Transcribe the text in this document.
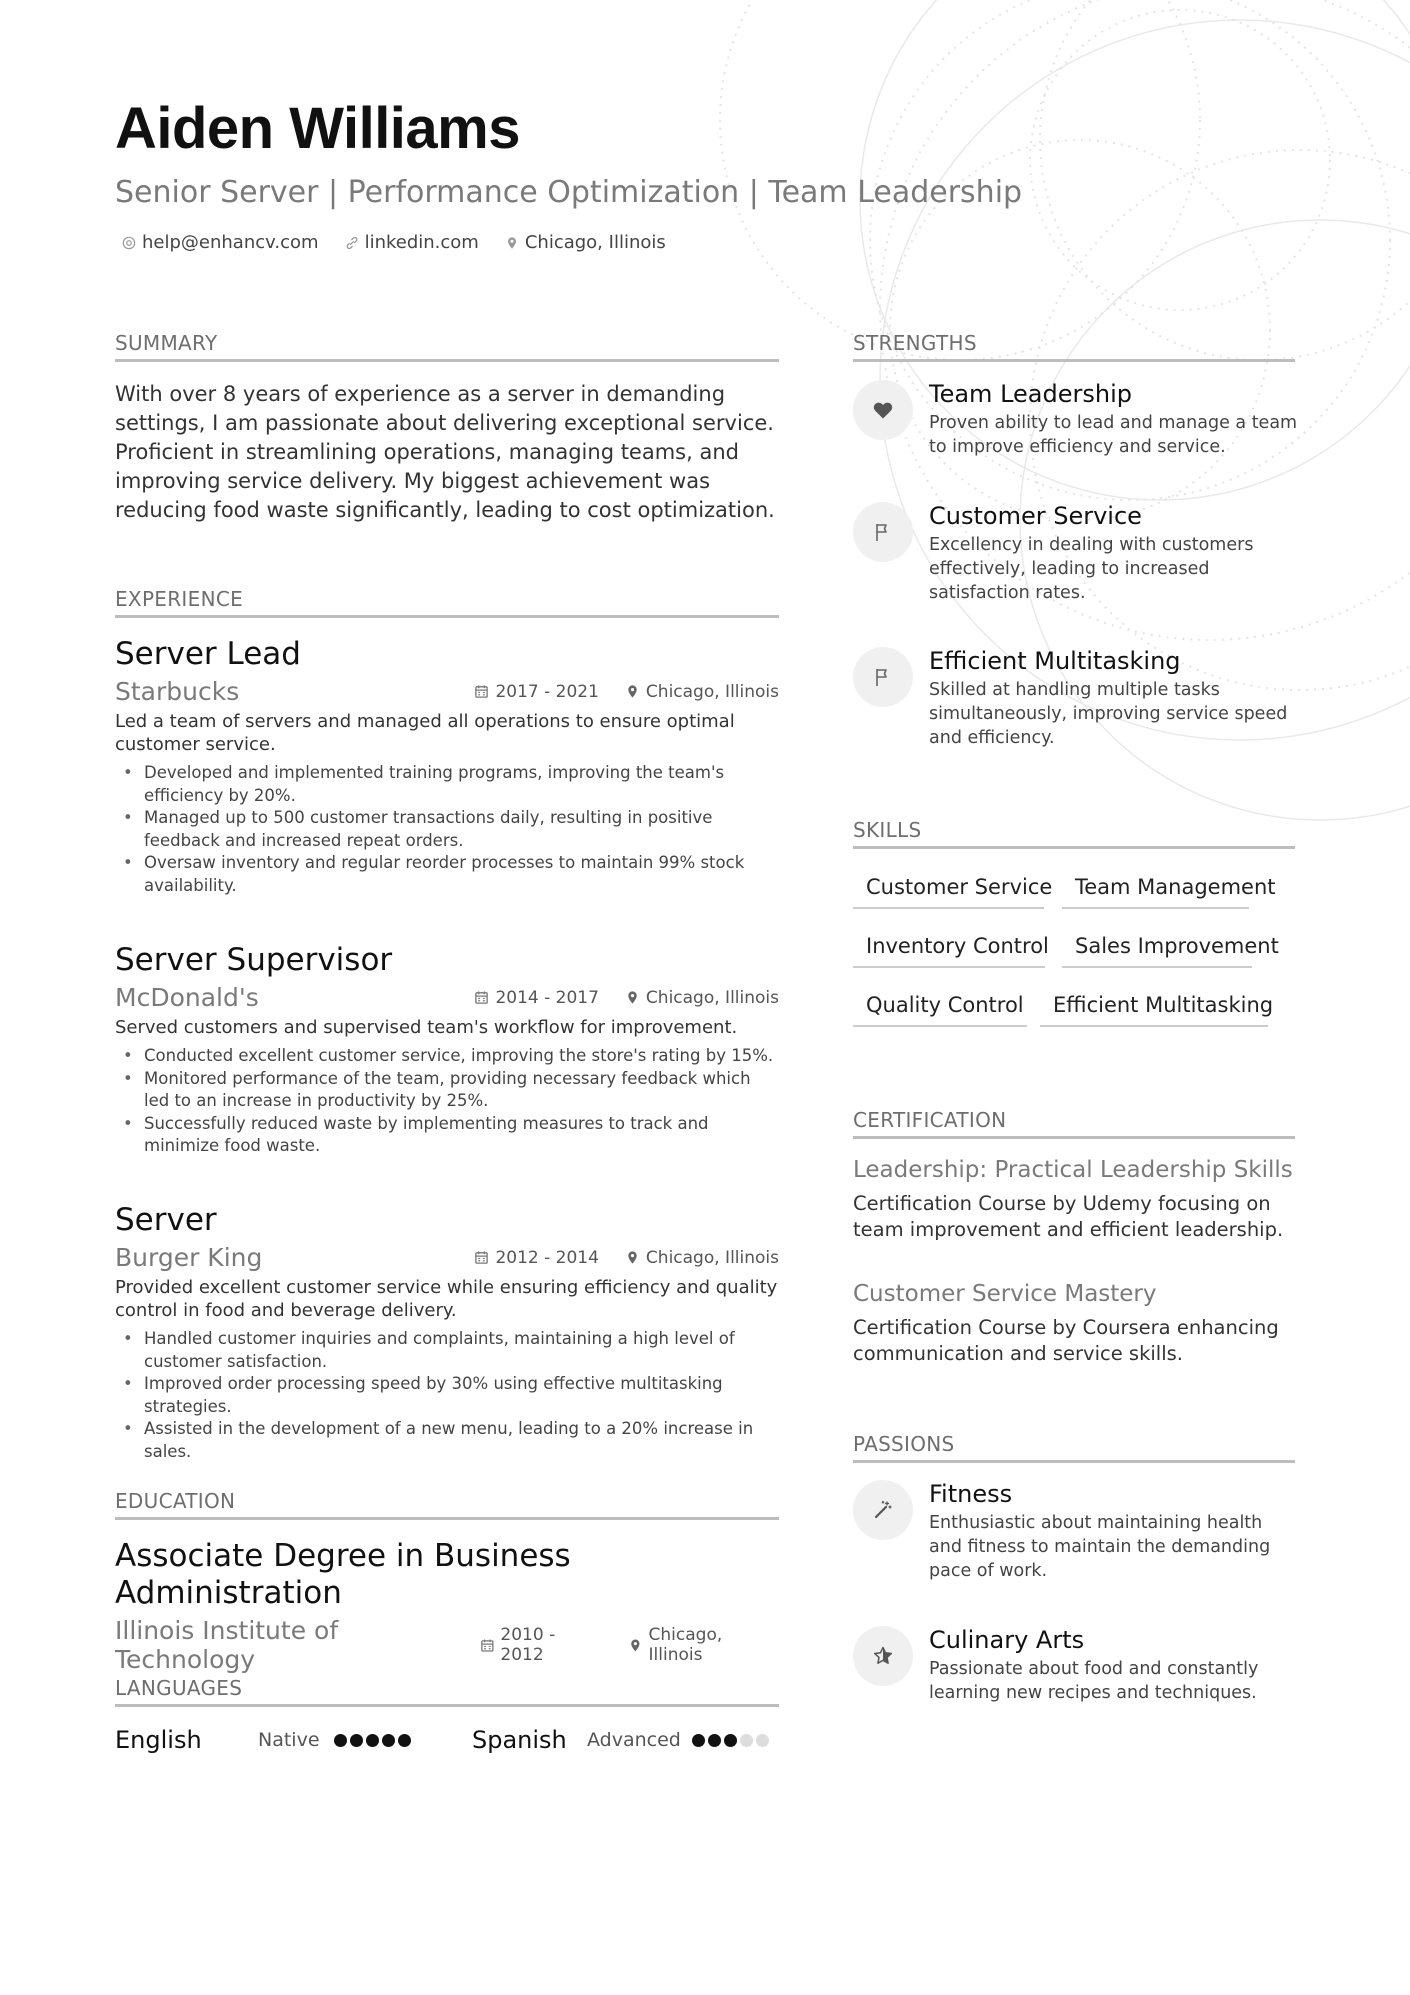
Aiden Williams
Senior Server | Performance Optimization | Team Leadership
help@enhancv.com	linkedin.com	Chicago, Illinois
SUMMARY
With over 8 years of experience as a server in demanding settings, I am passionate about delivering exceptional service. Proficient in streamlining operations, managing teams, and improving service delivery. My biggest achievement was reducing food waste significantly, leading to cost optimization.
EXPERIENCE
Server Lead
Starbucks	2017 - 2021	Chicago, Illinois
Led a team of servers and managed all operations to ensure optimal customer service.
• Developed and implemented training programs, improving the team's efficiency by 20%.
• Managed up to 500 customer transactions daily, resulting in positive feedback and increased repeat orders.
• Oversaw inventory and regular reorder processes to maintain 99% stock availability.
Server Supervisor
McDonald's	2014 - 2017	Chicago, Illinois
Served customers and supervised team's workflow for improvement.
• Conducted excellent customer service, improving the store's rating by 15%.
• Monitored performance of the team, providing necessary feedback which led to an increase in productivity by 25%.
• Successfully reduced waste by implementing measures to track and minimize food waste.
Server
Burger King	2012 - 2014	Chicago, Illinois
Provided excellent customer service while ensuring efficiency and quality control in food and beverage delivery.
• Handled customer inquiries and complaints, maintaining a high level of customer satisfaction.
• Improved order processing speed by 30% using effective multitasking strategies.
• Assisted in the development of a new menu, leading to a 20% increase in sales.
EDUCATION
Associate Degree in Business Administration
Illinois Institute of Technology
2010 - 2012
Chicago, Illinois
LANGUAGES
English	Native	Spanish Advanced
STRENGTHS
Team Leadership
Proven ability to lead and manage a team to improve efficiency and service.
Customer Service
Excellency in dealing with customers effectively, leading to increased satisfaction rates.
Efficient Multitasking
Skilled at handling multiple tasks simultaneously, improving service speed and efficiency.
SKILLS
Customer Service	Team Management
Inventory Control	Sales Improvement
Quality Control	Efficient Multitasking
CERTIFICATION
Leadership: Practical Leadership Skills
Certification Course by Udemy focusing on team improvement and efficient leadership.
Customer Service Mastery
Certification Course by Coursera enhancing communication and service skills.
PASSIONS
Fitness
Enthusiastic about maintaining health and fitness to maintain the demanding pace of work.
Culinary Arts
Passionate about food and constantly learning new recipes and techniques.
